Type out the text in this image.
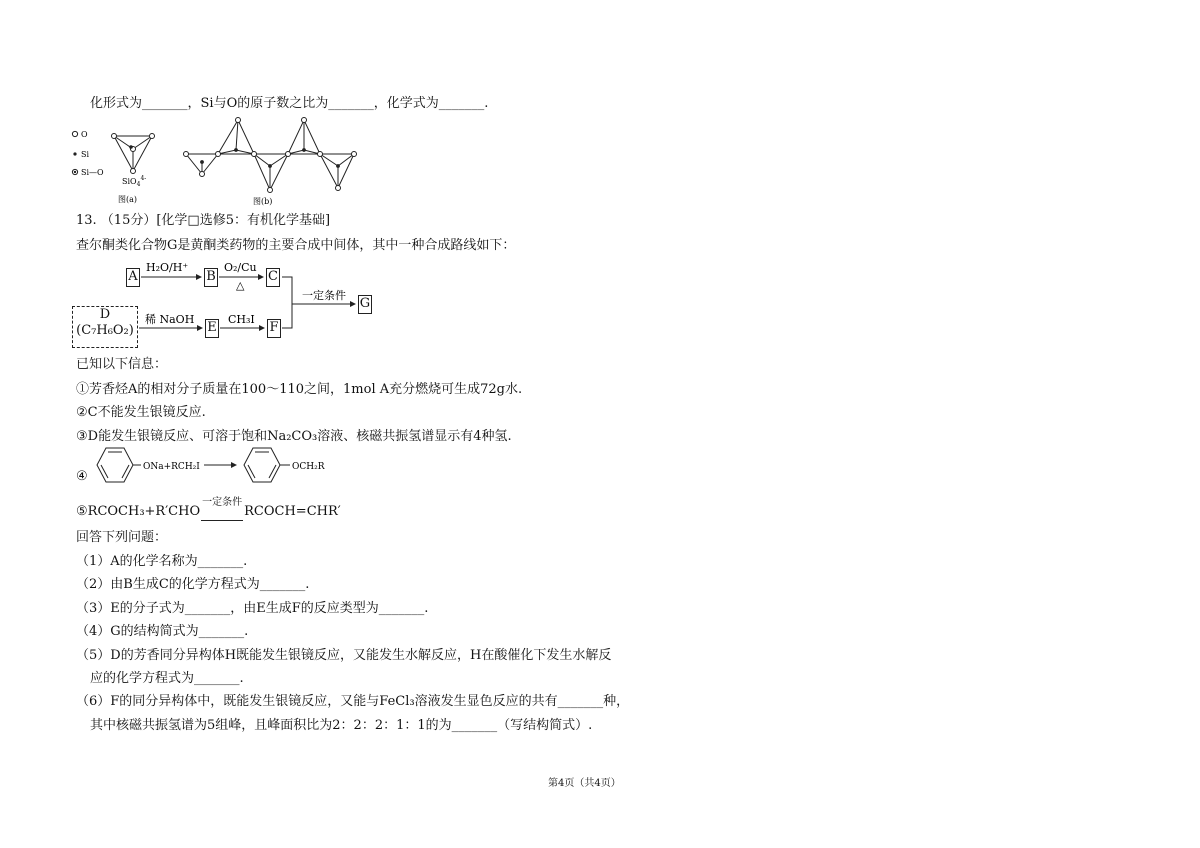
化形式为_______，Si与O的原子数之比为_______，化学式为_______.
O
Si
Si—O
SiO$_4^{4-}$
图(a)	图(b)
13. （15分）[化学□选修5：有机化学基础]
查尔酮类化合物G是黄酮类药物的主要合成中间体，其中一种合成路线如下：
A	B	C
G
E	F
D
(C₇H₆O₂)
H₂O/H⁺	O₂/Cu
△
稀 NaOH	CH₃I
一定条件
已知以下信息：
①芳香烃A的相对分子质量在100～110之间，1mol A充分燃烧可生成72g水.
②C不能发生银镜反应.
③D能发生银镜反应、可溶于饱和Na₂CO₃溶液、核磁共振氢谱显示有4种氢.
④
ONa+RCH₂I	OCH₂R
⑤RCOCH₃+R′CHO
一定条件
RCOCH=CHR′
回答下列问题：
（1）A的化学名称为_______.
（2）由B生成C的化学方程式为_______.
（3）E的分子式为_______，由E生成F的反应类型为_______.
（4）G的结构简式为_______.
（5）D的芳香同分异构体H既能发生银镜反应，又能发生水解反应，H在酸催化下发生水解反
应的化学方程式为_______.
（6）F的同分异构体中，既能发生银镜反应，又能与FeCl₃溶液发生显色反应的共有_______种，
其中核磁共振氢谱为5组峰，且峰面积比为2：2：2：1：1的为_______（写结构简式）.
第4页（共4页）
